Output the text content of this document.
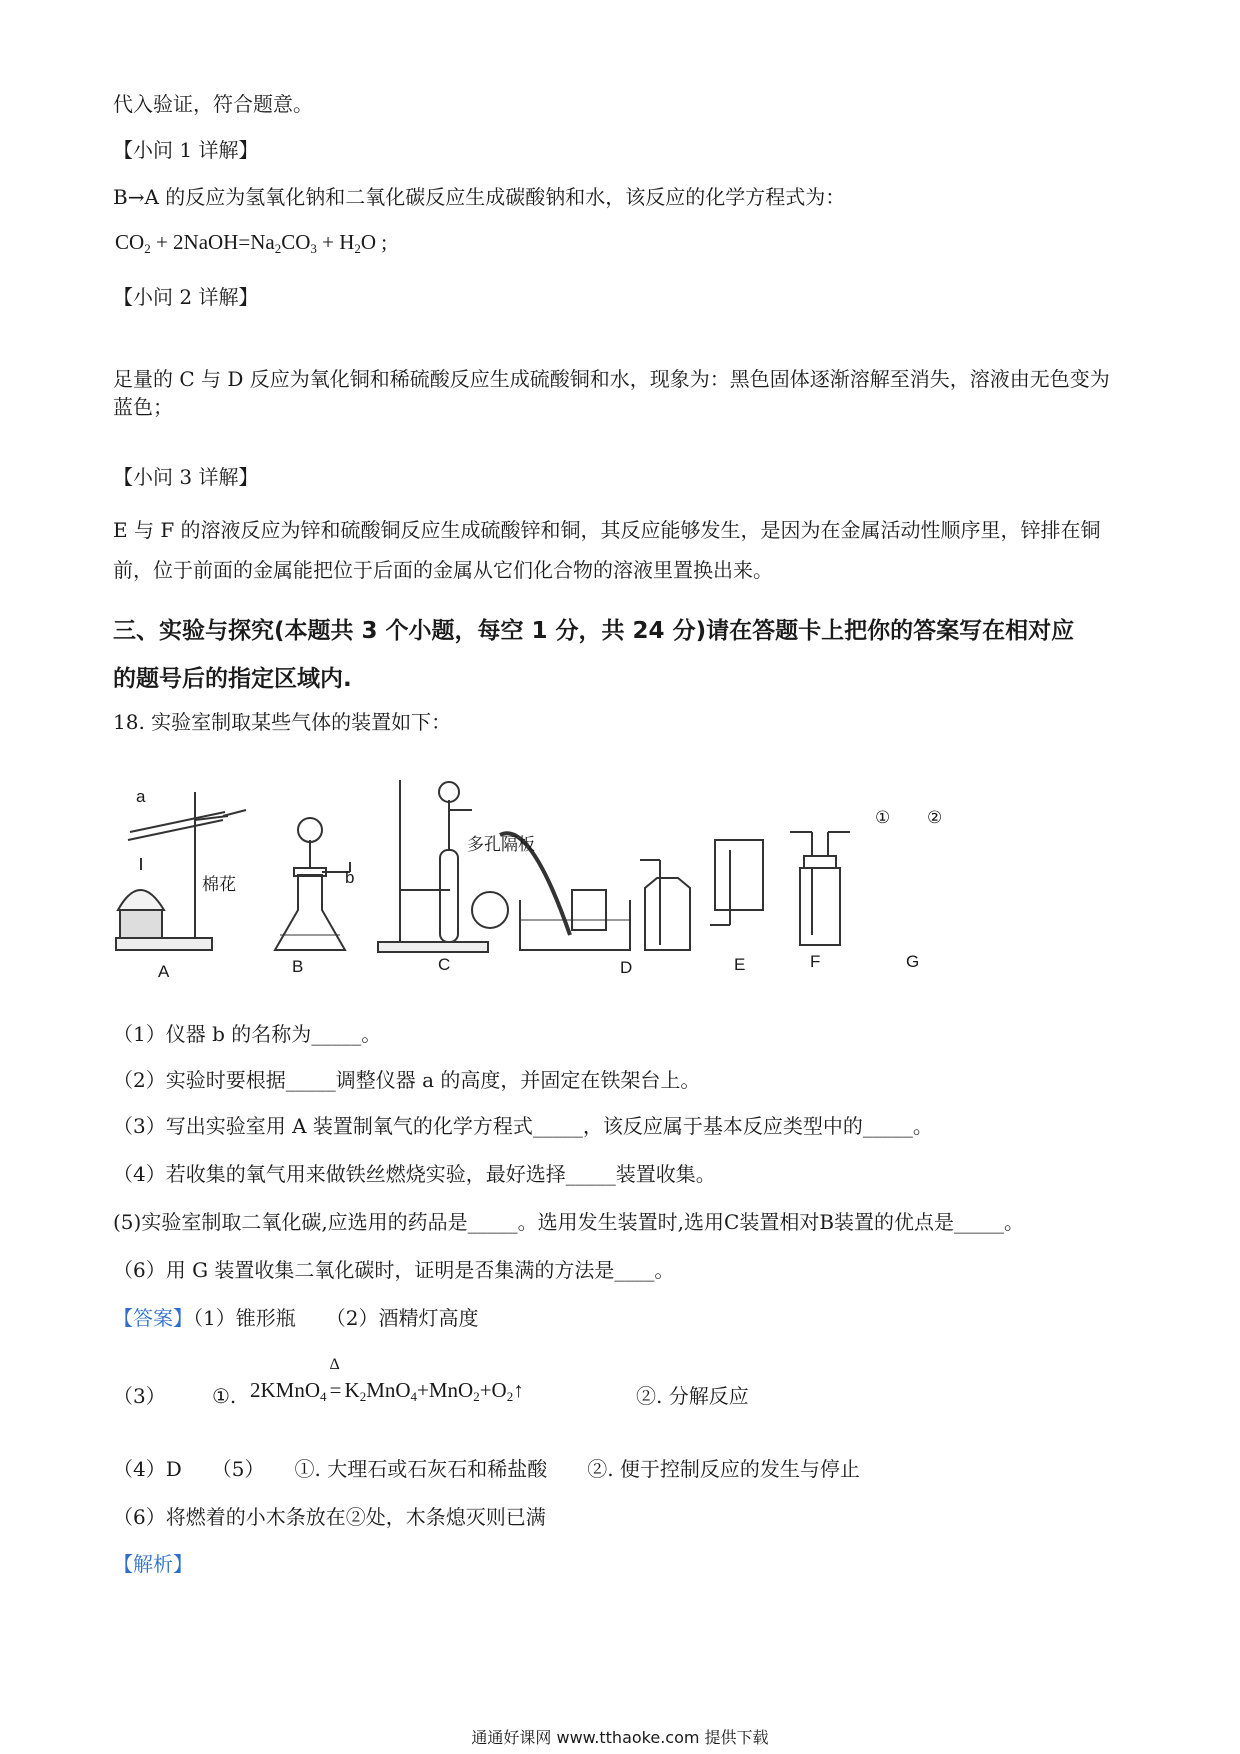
代入验证，符合题意。
【小问 1 详解】
B→A 的反应为氢氧化钠和二氧化碳反应生成碳酸钠和水，该反应的化学方程式为：
$CO_2$ + $2NaOH=Na_2CO_3 + H_2O$ ;
【小问 2 详解】
足量的 C 与 D 反应为氧化铜和稀硫酸反应生成硫酸铜和水，现象为：黑色固体逐渐溶解至消失，溶液由无色变为蓝色；
【小问 3 详解】
E 与 F 的溶液反应为锌和硫酸铜反应生成硫酸锌和铜，其反应能够发生，是因为在金属活动性顺序里，锌排在铜前，位于前面的金属能把位于后面的金属从它们化合物的溶液里置换出来。
三、实验与探究(本题共 3 个小题，每空 1 分，共 24 分)请在答题卡上把你的答案写在相对应
的题号后的指定区域内.
18. 实验室制取某些气体的装置如下：
a
b
棉花
多孔隔板
① ②
A	B	C	D	E	F	G
（1）仪器 b 的名称为_____。
（2）实验时要根据_____调整仪器 a 的高度，并固定在铁架台上。
（3）写出实验室用 A 装置制氧气的化学方程式_____，该反应属于基本反应类型中的_____。
（4）若收集的氧气用来做铁丝燃烧实验，最好选择_____装置收集。
(5)实验室制取二氧化碳,应选用的药品是_____。选用发生装置时,选用C装置相对B装置的优点是_____。
（6）用 G 装置收集二氧化碳时，证明是否集满的方法是____。
【答案】（1）锥形瓶　　（2）酒精灯高度
（3） ①. 2KMnO$_4$
Δ
= $K_2MnO_4+MnO_2+O_2↑$	②. 分解反应
（4）D　　（5）　　①. 大理石或石灰石和稀盐酸　　②. 便于控制反应的发生与停止
（6）将燃着的小木条放在②处，木条熄灭则已满
【解析】
通通好课网 www.tthaoke.com 提供下载
